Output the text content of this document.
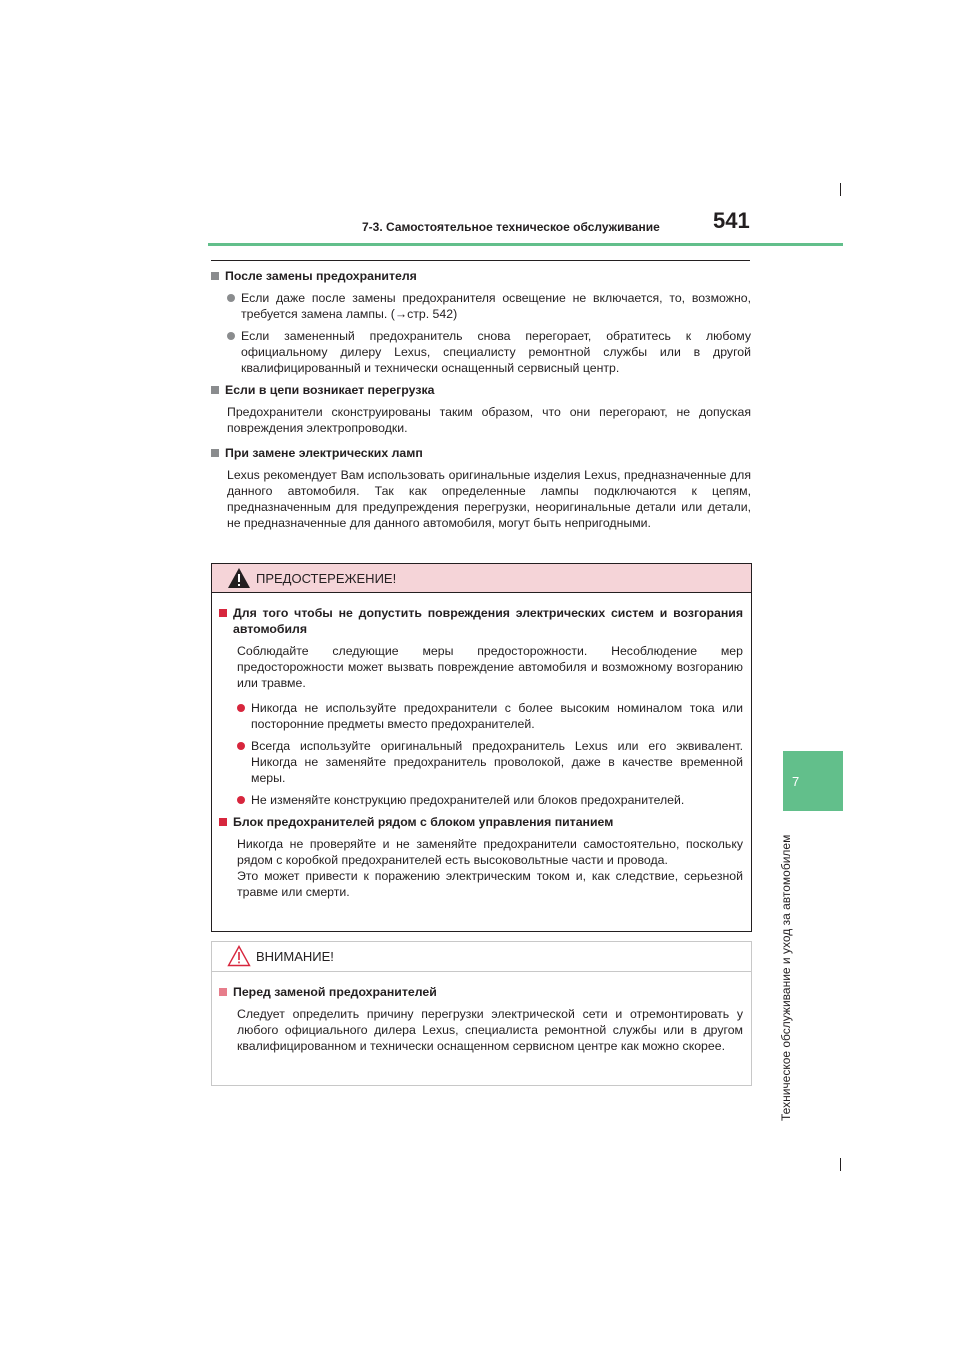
7-3. Самостоятельное техническое обслуживание	541
7
Техническое обслуживание и уход за автомобилем
После замены предохранителя
Если даже после замены предохранителя освещение не включается, то, возможно, требуется замена лампы. (→стр. 542)
Если замененный предохранитель снова перегорает, обратитесь к любому официальному дилеру Lexus, специалисту ремонтной службы или в другой квалифицированный и технически оснащенный сервисный центр.
Если в цепи возникает перегрузка
Предохранители сконструированы таким образом, что они перегорают, не допуская повреждения электропроводки.
При замене электрических ламп
Lexus рекомендует Вам использовать оригинальные изделия Lexus, предназначенные для данного автомобиля. Так как определенные лампы подключаются к цепям, предназначенным для предупреждения перегрузки, неоригинальные детали или детали, не предназначенные для данного автомобиля, могут быть непригодными.
ПРЕДОСТЕРЕЖЕНИЕ!
Для того чтобы не допустить повреждения электрических систем и возгорания автомобиля
Соблюдайте следующие меры предосторожности. Несоблюдение мер предосторожности может вызвать повреждение автомобиля и возможному возгоранию или травме.
Никогда не используйте предохранители с более высоким номиналом тока или посторонние предметы вместо предохранителей.
Всегда используйте оригинальный предохранитель Lexus или его эквивалент. Никогда не заменяйте предохранитель проволокой, даже в качестве временной меры.
Не изменяйте конструкцию предохранителей или блоков предохранителей.
Блок предохранителей рядом с блоком управления питанием
Никогда не проверяйте и не заменяйте предохранители самостоятельно, поскольку рядом с коробкой предохранителей есть высоковольтные части и провода.
Это может привести к поражению электрическим током и, как следствие, серьезной травме или смерти.
ВНИМАНИЕ!
Перед заменой предохранителей
Следует определить причину перегрузки электрической сети и отремонтировать у любого официального дилера Lexus, специалиста ремонтной службы или в другом квалифицированном и технически оснащенном сервисном центре как можно скорее.
